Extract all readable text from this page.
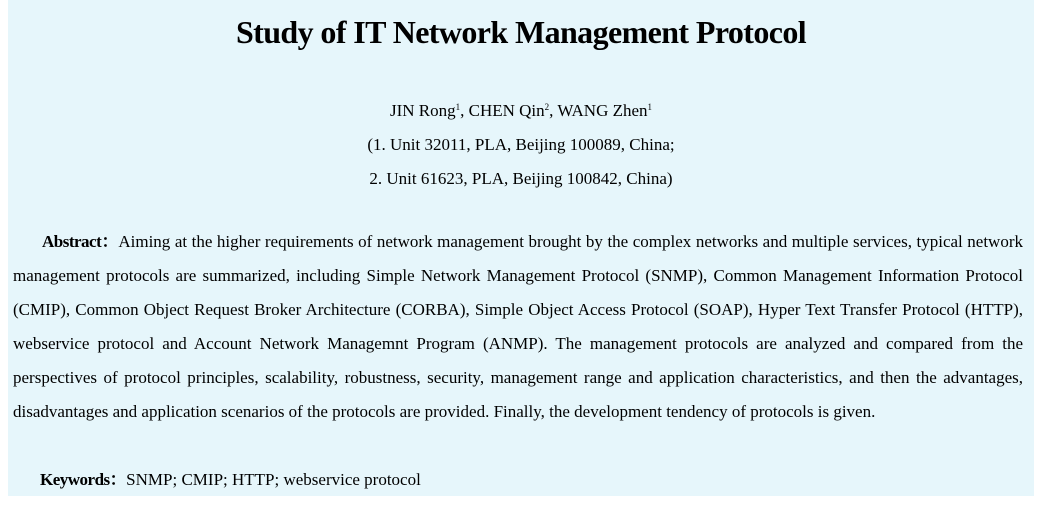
Study of IT Network Management Protocol
JIN Rong$^1$, CHEN Qin$^2$, WANG Zhen$^1$
(1. Unit 32011, PLA, Beijing 100089, China;
2. Unit 61623, PLA, Beijing 100842, China)
Abstract：Aiming at the higher requirements of network management brought by the complex networks and multiple services, typical network management protocols are summarized, including Simple Network Management Protocol (SNMP), Common Management Information Protocol (CMIP), Common Object Request Broker Architecture (CORBA), Simple Object Access Protocol (SOAP), Hyper Text Transfer Protocol (HTTP), webservice protocol and Account Network Managemnt Program (ANMP). The management protocols are analyzed and compared from the perspectives of protocol principles, scalability, robustness, security, management range and application characteristics, and then the advantages, disadvantages and application scenarios of the protocols are provided. Finally, the development tendency of protocols is given.
Keywords：SNMP; CMIP; HTTP; webservice protocol
